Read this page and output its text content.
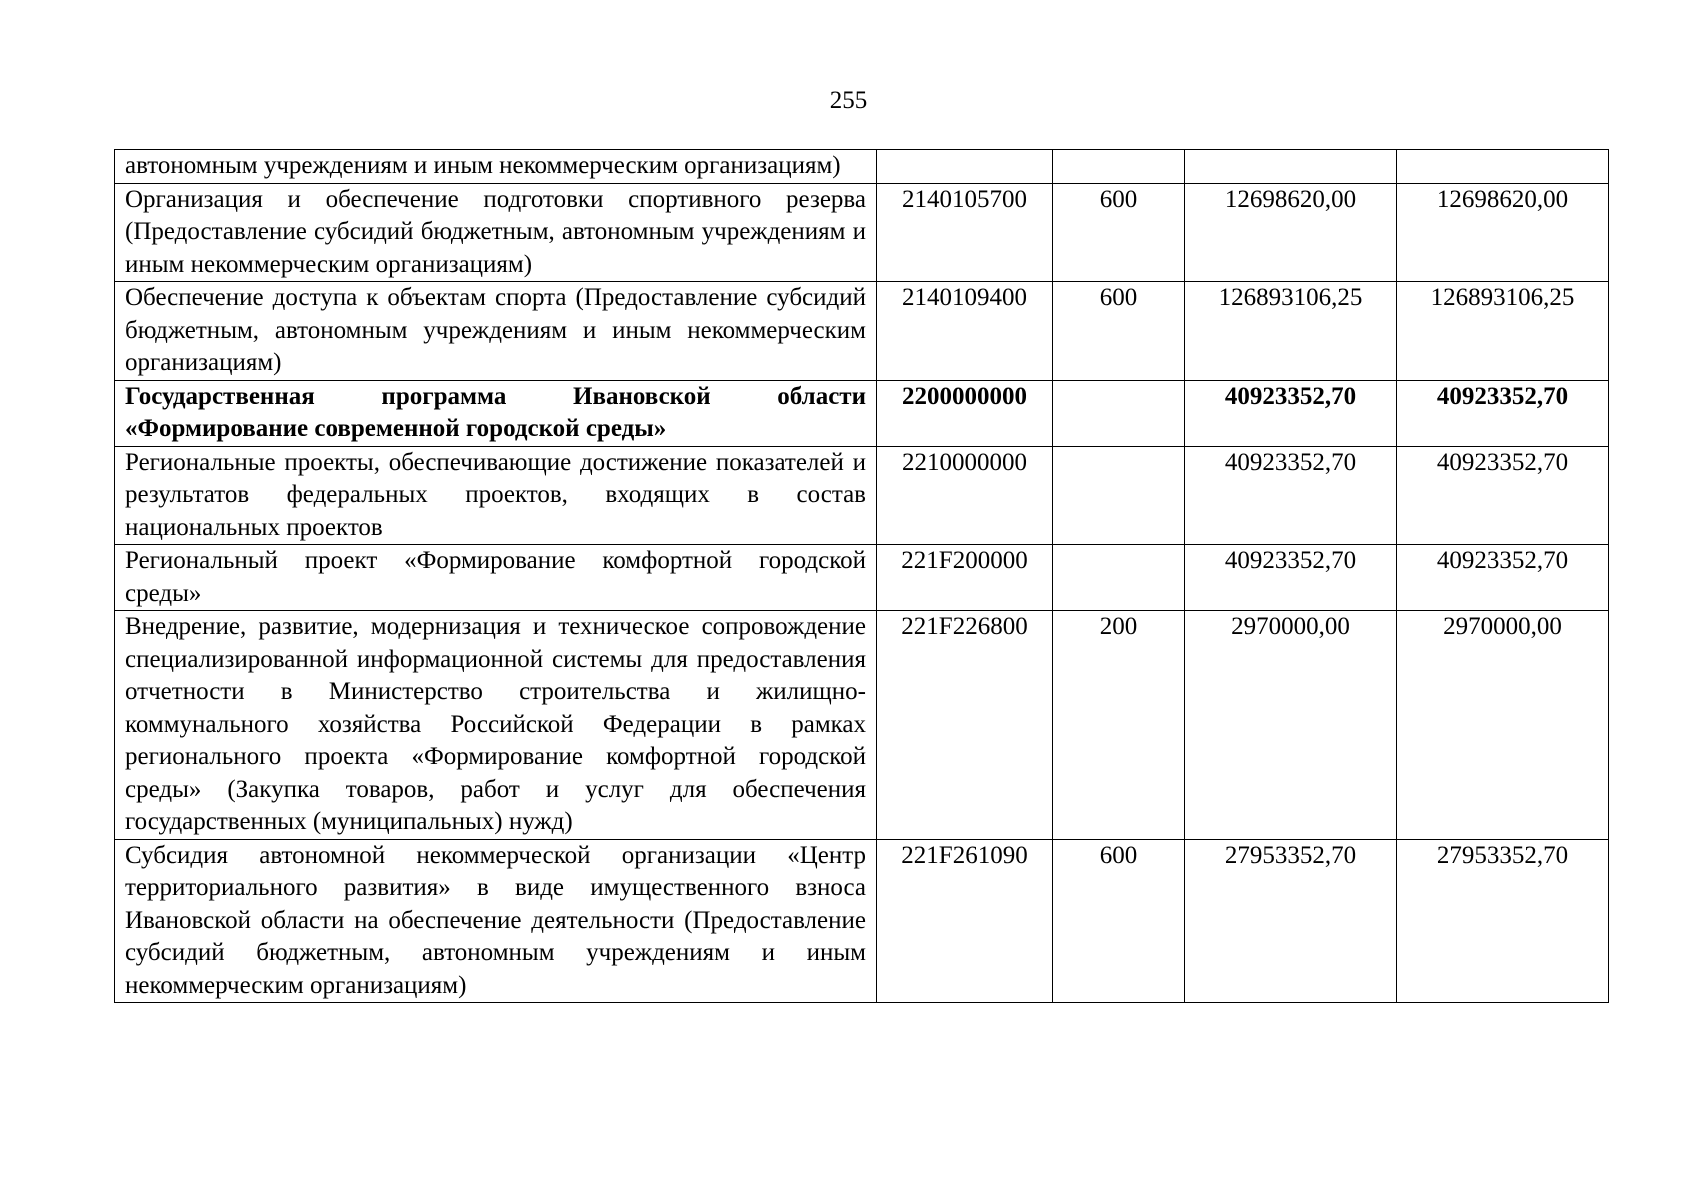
255
автономным учреждениям и иным некоммерческим организациям)				
Организация и обеспечение подготовки спортивного резерва (Предоставление субсидий бюджетным, автономным учреждениям и иным некоммерческим организациям)	2140105700	600	12698620,00	12698620,00
Обеспечение доступа к объектам спорта (Предоставление субсидий бюджетным, автономным учреждениям и иным некоммерческим организациям)	2140109400	600	126893106,25	126893106,25
Государственная программа Ивановской области «Формирование современной городской среды»	2200000000		40923352,70	40923352,70
Региональные проекты, обеспечивающие достижение показателей и результатов федеральных проектов, входящих в состав национальных проектов	2210000000		40923352,70	40923352,70
Региональный проект «Формирование комфортной городской среды»	221F200000		40923352,70	40923352,70
Внедрение, развитие, модернизация и техническое сопровождение специализированной информационной системы для предоставления отчетности в Министерство строительства и жилищно-коммунального хозяйства Российской Федерации в рамках регионального проекта «Формирование комфортной городской среды» (Закупка товаров, работ и услуг для обеспечения государственных (муниципальных) нужд)	221F226800	200	2970000,00	2970000,00
Субсидия автономной некоммерческой организации «Центр территориального развития» в виде имущественного взноса Ивановской области на обеспечение деятельности (Предоставление субсидий бюджетным, автономным учреждениям и иным некоммерческим организациям)	221F261090	600	27953352,70	27953352,70
